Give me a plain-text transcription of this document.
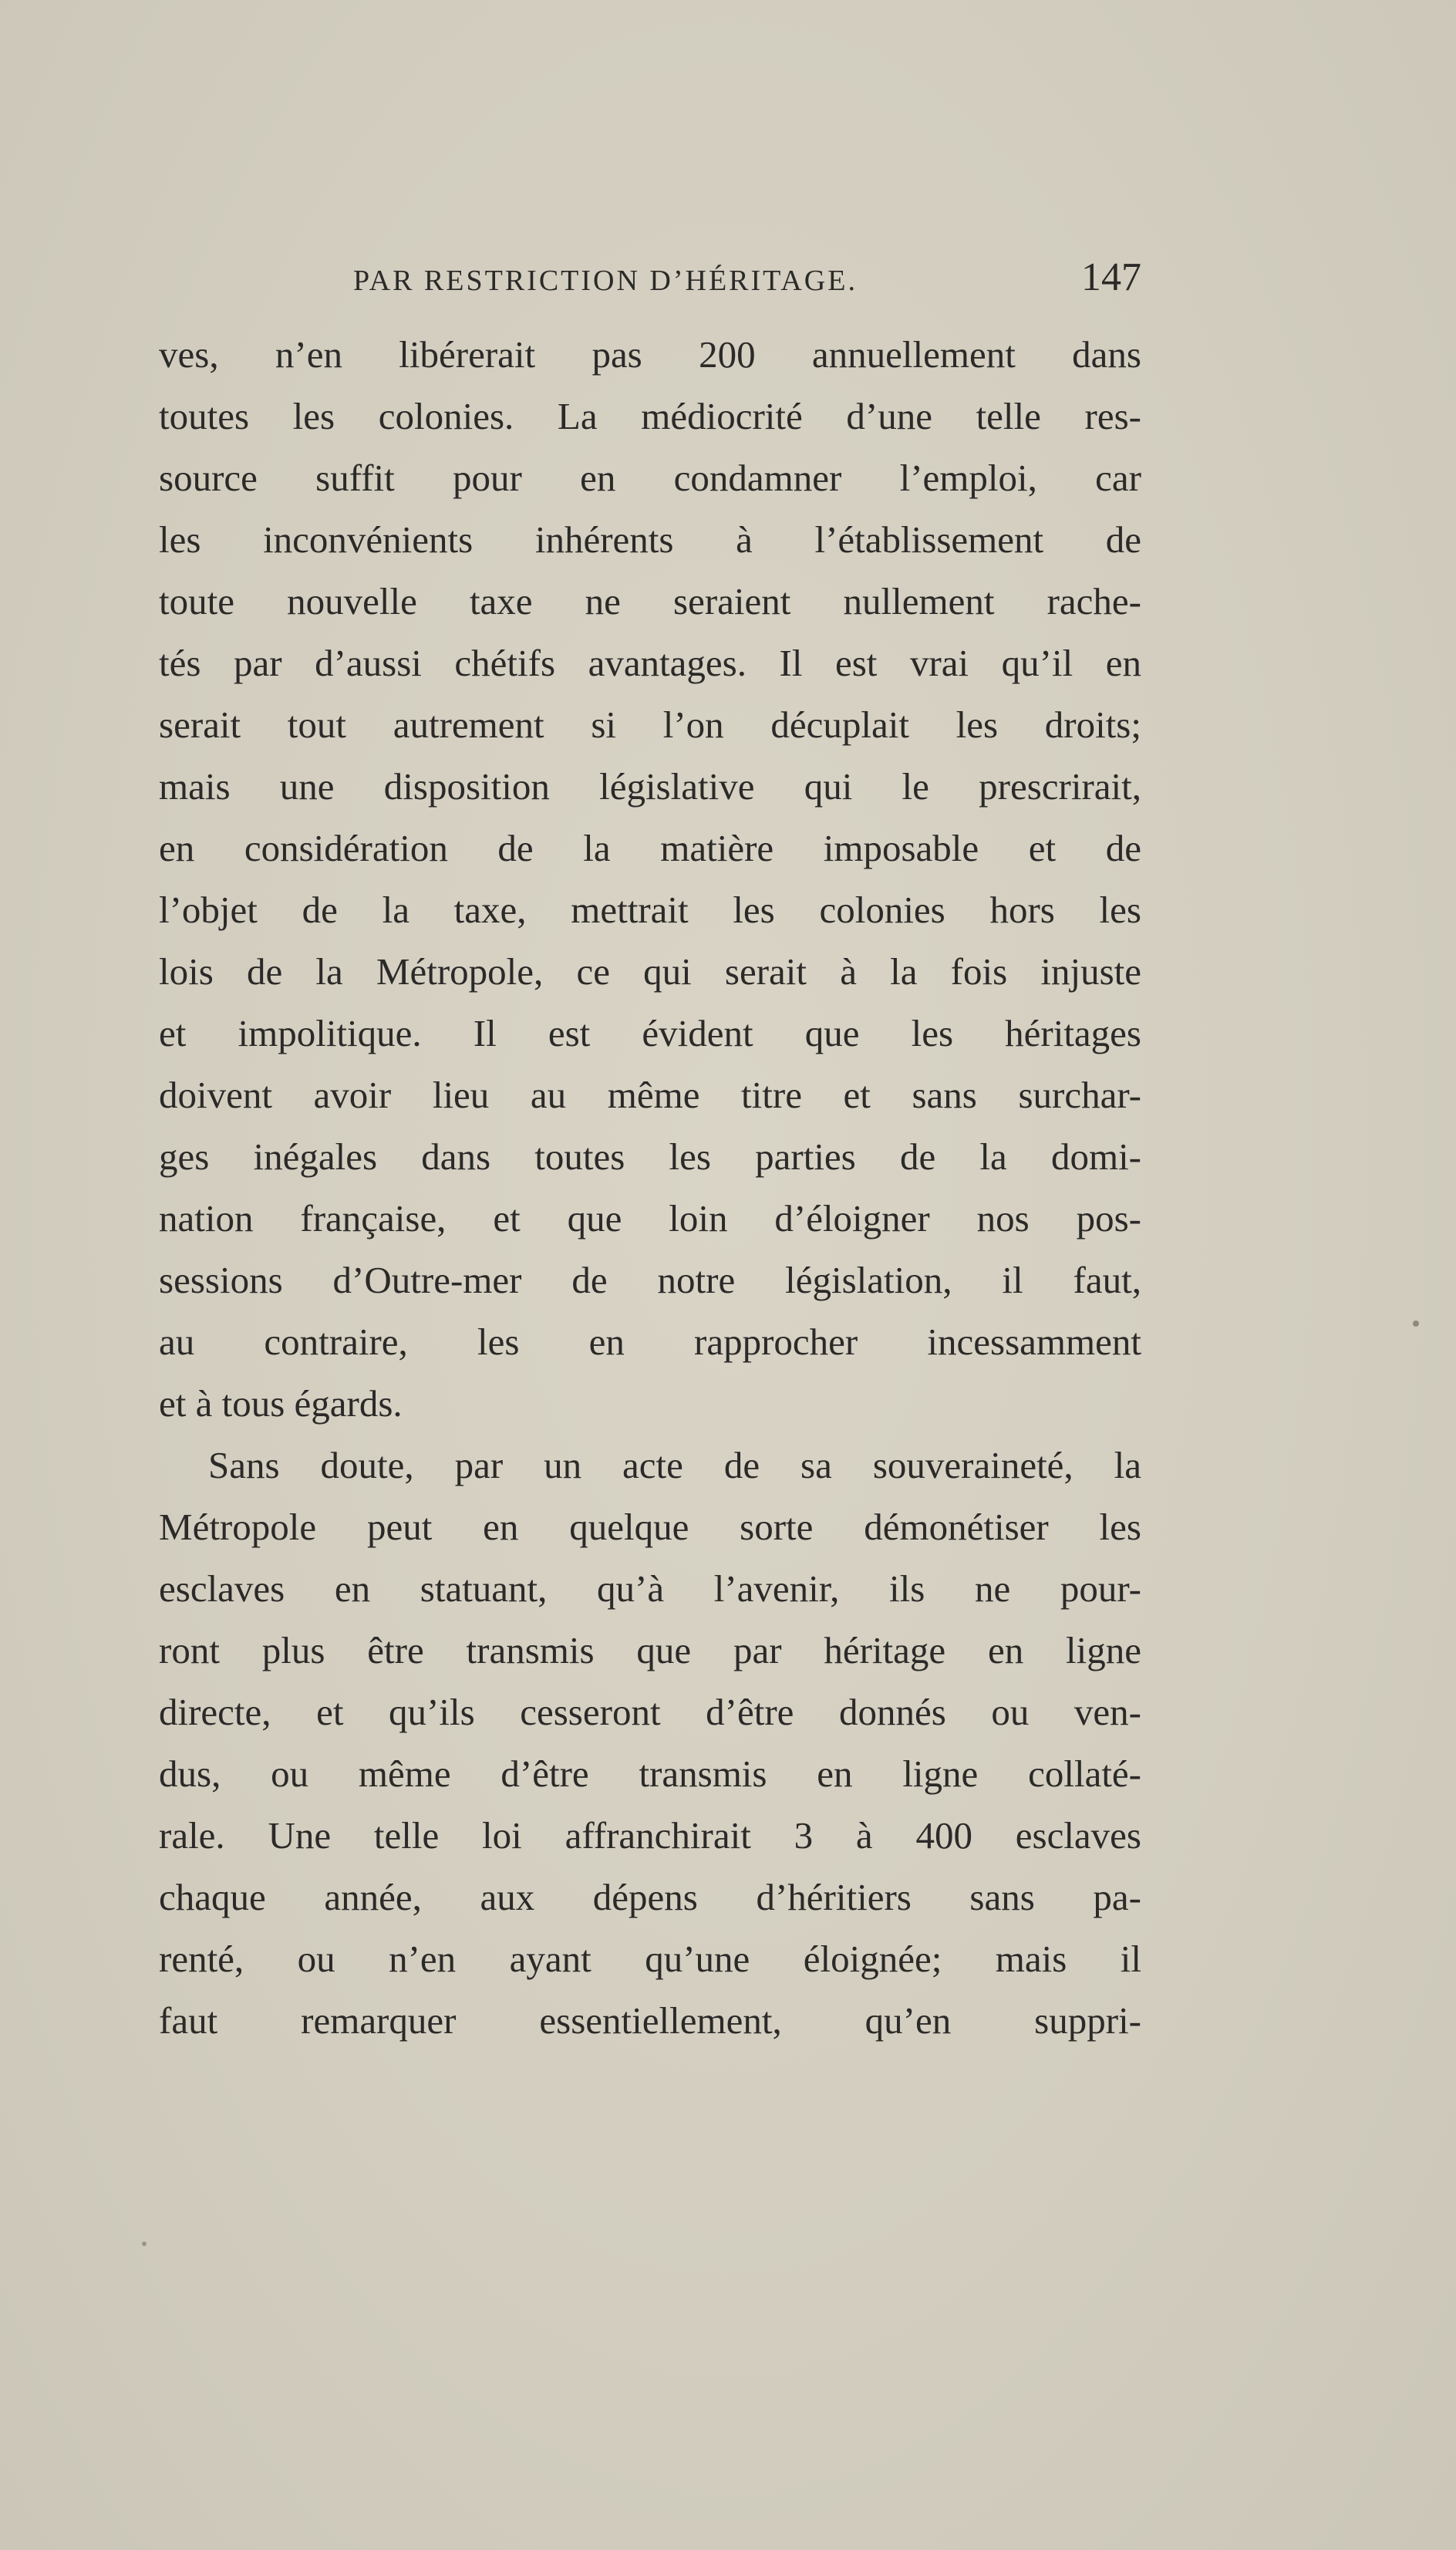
PAR RESTRICTION D’HÉRITAGE.	147
ves, n’en libérerait pas 200 annuellement dans
toutes les colonies. La médiocrité d’une telle res-
source suffit pour en condamner l’emploi, car
les inconvénients inhérents à l’établissement de
toute nouvelle taxe ne seraient nullement rache-
tés par d’aussi chétifs avantages. Il est vrai qu’il en
serait tout autrement si l’on décuplait les droits;
mais une disposition législative qui le prescrirait,
en considération de la matière imposable et de
l’objet de la taxe, mettrait les colonies hors les
lois de la Métropole, ce qui serait à la fois injuste
et impolitique. Il est évident que les héritages
doivent avoir lieu au même titre et sans surchar-
ges inégales dans toutes les parties de la domi-
nation française, et que loin d’éloigner nos pos-
sessions d’Outre-mer de notre législation, il faut,
au contraire, les en rapprocher incessamment
et à tous égards.
Sans doute, par un acte de sa souveraineté, la
Métropole peut en quelque sorte démonétiser les
esclaves en statuant, qu’à l’avenir, ils ne pour-
ront plus être transmis que par héritage en ligne
directe, et qu’ils cesseront d’être donnés ou ven-
dus, ou même d’être transmis en ligne collaté-
rale. Une telle loi affranchirait 3 à 400 esclaves
chaque année, aux dépens d’héritiers sans pa-
renté, ou n’en ayant qu’une éloignée; mais il
faut remarquer essentiellement, qu’en suppri-
